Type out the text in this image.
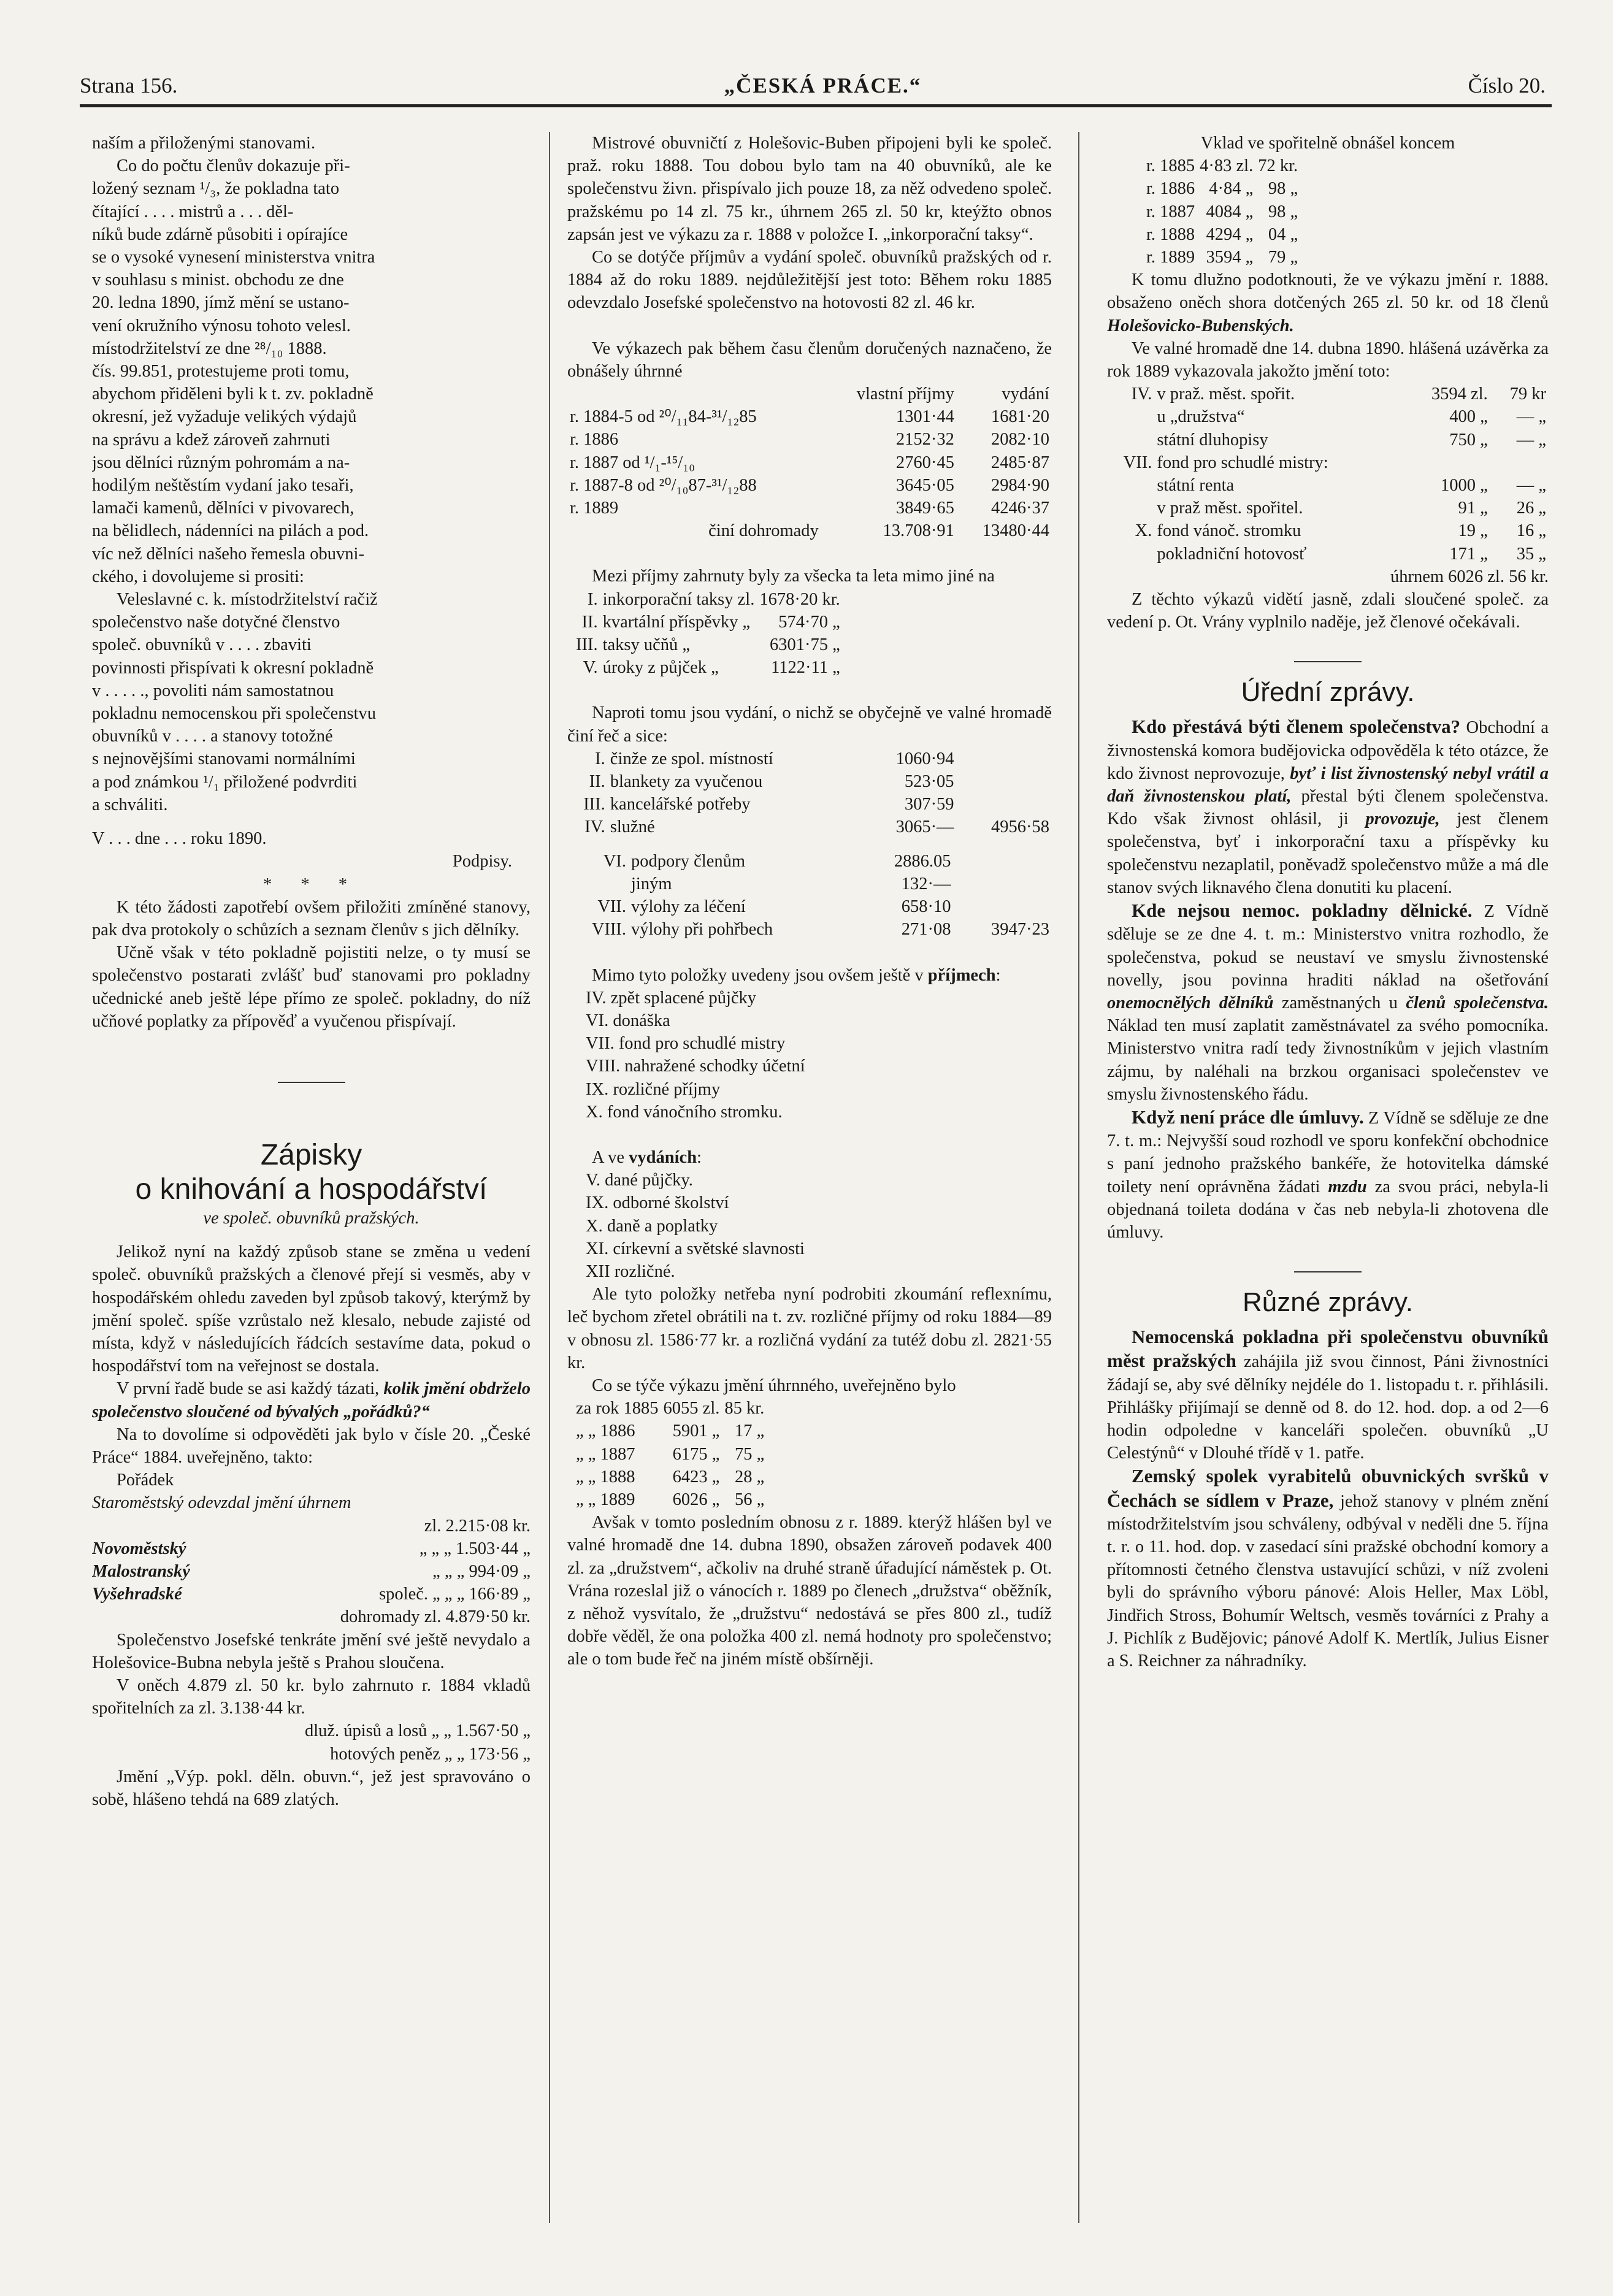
Strana 156.	„ČESKÁ PRÁCE.“	Číslo 20.

naším a přiloženými stanovami.

Co do počtu členův dokazuje při-

ložený seznam ¹/₃, že pokladna tato

čítající . . . . mistrů a . . . děl-

níků bude zdárně působiti i opírajíce

se o vysoké vynesení ministerstva vnitra

v souhlasu s minist. obchodu ze dne

20. ledna 1890, jímž mění se ustano-

vení okružního výnosu tohoto velesl.

místodržitelství ze dne ²⁸/₁₀ 1888.

čís. 99.851, protestujeme proti tomu,

abychom přiděleni byli k t. zv. pokladně

okresní, jež vyžaduje velikých výdajů

na správu a kdež zároveň zahrnuti

jsou dělníci různým pohromám a na-

hodilým neštěstím vydaní jako tesaři,

lamači kamenů, dělníci v pivovarech,

na bělidlech, nádenníci na pilách a pod.

víc než dělníci našeho řemesla obuvni-

ckého, i dovolujeme si prositi:

Veleslavné c. k. místodržitelství račiž

společenstvo naše dotyčné členstvo

společ. obuvníků v . . . . zbaviti

povinnosti přispívati k okresní pokladně

v . . . . ., povoliti nám samostatnou

pokladnu nemocenskou při společenstvu

obuvníků v . . . . a stanovy totožné

s nejnovějšími stanovami normálními

a pod známkou ¹/₁ přiložené podvrditi

a schváliti.

V . . . dne . . . roku 1890.

Podpisy.

* * *

K této žádosti zapotřebí ovšem přiložiti zmíněné stanovy, pak dva protokoly o schůzích a seznam členův s jich dělníky.

Učně však v této pokladně pojistiti nelze, o ty musí se společenstvo postarati zvlášť buď stanovami pro pokladny učednické aneb ještě lépe přímo ze společ. pokladny, do níž učňové poplatky za přípověď a vyučenou přispívají.

Zápisky
o knihování a hospodářství

ve společ. obuvníků pražských.

Jelikož nyní na každý způsob stane se změna u vedení společ. obuvníků pražských a členové přejí si vesměs, aby v hospodářském ohledu zaveden byl způsob takový, kterýmž by jmění společ. spíše vzrůstalo než klesalo, nebude zajisté od místa, když v následujících řádcích sestavíme data, pokud o hospodářství tom na veřejnost se dostala.

V první řadě bude se asi každý tázati, kolik jmění obdrželo společenstvo sloučené od bývalých „pořádků?“

Na to dovolíme si odpověděti jak bylo v čísle 20. „České Práce“ 1884. uveřejněno, takto:

Pořádek

Staroměstský odevzdal jmění úhrnem

zl. 2.215·08 kr.

Novoměstský	„ „ „ 1.503·44 „
Malostranský	„ „ „ 994·09 „
Vyšehradské	společ. „ „ „ 166·89 „

dohromady zl. 4.879·50 kr.

Společenstvo Josefské tenkráte jmění své ještě nevydalo a Holešovice-Bubna nebyla ještě s Prahou sloučena.

V oněch 4.879 zl. 50 kr. bylo zahrnuto r. 1884 vkladů spořitelních za zl. 3.138·44 kr.

dluž. úpisů a losů „ „ 1.567·50 „

hotových peněz „ „ 173·56 „

Jmění „Výp. pokl. děln. obuvn.“, jež jest spravováno o sobě, hlášeno tehdá na 689 zlatých.

Mistrové obuvničtí z Holešovic-Buben připojeni byli ke společ. praž. roku 1888. Tou dobou bylo tam na 40 obuvníků, ale ke společenstvu živn. přispívalo jich pouze 18, za něž odvedeno společ. pražskému po 14 zl. 75 kr., úhrnem 265 zl. 50 kr, kteýžto obnos zapsán jest ve výkazu za r. 1888 v položce I. „inkorporační taksy“.

Co se dotýče příjmův a vydání společ. obuvníků pražských od r. 1884 až do roku 1889. nejdůležitější jest toto: Během roku 1885 odevzdalo Josefské společenstvo na hotovosti 82 zl. 46 kr.

Ve výkazech pak během času členům doručených naznačeno, že obnášely úhrnné

	vlastní příjmy	vydání
r. 1884-5 od ²⁰/₁₁84-³¹/₁₂85	1301·44	1681·20
r. 1886	2152·32	2082·10
r. 1887 od ¹/₁-¹⁵/₁₀	2760·45	2485·87
r. 1887-8 od ²⁰/₁₀87-³¹/₁₂88	3645·05	2984·90
r. 1889	3849·65	4246·37
činí dohromady	13.708·91	13480·44

Mezi příjmy zahrnuty byly za všecka ta leta mimo jiné na

I.	inkorporační taksy zl.	1678·20 kr.
II.	kvartální příspěvky „	574·70 „
III.	taksy učňů „	6301·75 „
V.	úroky z půjček „	1122·11 „

Naproti tomu jsou vydání, o nichž se obyčejně ve valné hromadě činí řeč a sice:

I.	činže ze spol. místností	1060·94	
II.	blankety za vyučenou	523·05	
III.	kancelářské potřeby	307·59	
IV.	služné	3065·—	4956·58
VI.	podpory členům	2886.05	
	jiným	132·—	
VII.	výlohy za léčení	658·10	
VIII.	výlohy při pohřbech	271·08	3947·23

Mimo tyto položky uvedeny jsou ovšem ještě v příjmech:

IV. zpět splacené půjčky

VI. donáška

VII. fond pro schudlé mistry

VIII. nahražené schodky účetní

IX. rozličné příjmy

X. fond vánočního stromku.

A ve vydáních:

V. dané půjčky.

IX. odborné školství

X. daně a poplatky

XI. církevní a světské slavnosti

XII rozličné.

Ale tyto položky netřeba nyní podrobiti zkoumání reflexnímu, leč bychom zřetel obrátili na t. zv. rozličné příjmy od roku 1884—89 v obnosu zl. 1586·77 kr. a rozličná vydání za tutéž dobu zl. 2821·55 kr.

Co se týče výkazu jmění úhrnného, uveřejněno bylo

za rok 1885	6055 zl.	85 kr.
„ „ 1886	5901 „	17 „
„ „ 1887	6175 „	75 „
„ „ 1888	6423 „	28 „
„ „ 1889	6026 „	56 „

Avšak v tomto posledním obnosu z r. 1889. kterýž hlášen byl ve valné hromadě dne 14. dubna 1890, obsažen zároveň podavek 400 zl. za „družstvem“, ačkoliv na druhé straně úřadující náměstek p. Ot. Vrána rozeslal již o vánocích r. 1889 po členech „družstva“ oběžník, z něhož vysvítalo, že „družstvu“ nedostává se přes 800 zl., tudíž dobře věděl, že ona položka 400 zl. nemá hodnoty pro společenstvo; ale o tom bude řeč na jiném místě obšírněji.

Vklad ve spořitelně obnášel koncem

r. 1885	4·83 zl.	72 kr.
r. 1886	4·84 „	98 „
r. 1887	4084 „	98 „
r. 1888	4294 „	04 „
r. 1889	3594 „	79 „

K tomu dlužno podotknouti, že ve výkazu jmění r. 1888. obsaženo oněch shora dotčených 265 zl. 50 kr. od 18 členů Holešovicko-Bubenských.

Ve valné hromadě dne 14. dubna 1890. hlášená uzávěrka za rok 1889 vykazovala jakožto jmění toto:

IV.	v praž. měst. spořit.	3594 zl.	79 kr
	u „družstva“	400 „	— „
	státní dluhopisy	750 „	— „
VII.	fond pro schudlé mistry:		
	státní renta	1000 „	— „
	v praž měst. spořitel.	91 „	26 „
X.	fond vánoč. stromku	19 „	16 „
	pokladniční hotovosť	171 „	35 „

úhrnem 6026 zl. 56 kr.

Z těchto výkazů vidětí jasně, zdali sloučené společ. za vedení p. Ot. Vrány vyplnilo naděje, jež členové očekávali.

Úřední zprávy.

Kdo přestává býti členem společenstva? Obchodní a živnostenská komora budějovicka odpověděla k této otázce, že kdo živnost neprovozuje, byť i list živnostenský nebyl vrátil a daň živnostenskou platí, přestal býti členem společenstva. Kdo však živnost ohlásil, ji provozuje, jest členem společenstva, byť i inkorporační taxu a příspěvky ku společenstvu nezaplatil, poněvadž společenstvo může a má dle stanov svých liknavého člena donutiti ku placení.

Kde nejsou nemoc. pokladny dělnické. Z Vídně sděluje se ze dne 4. t. m.: Ministerstvo vnitra rozhodlo, že společenstva, pokud se neustaví ve smyslu živnostenské novelly, jsou povinna hraditi náklad na ošetřování onemocnělých dělníků zaměstnaných u členů společenstva. Náklad ten musí zaplatit zaměstnávatel za svého pomocníka. Ministerstvo vnitra radí tedy živnostníkům v jejich vlastním zájmu, by naléhali na brzkou organisaci společenstev ve smyslu živnostenského řádu.

Když není práce dle úmluvy. Z Vídně se sděluje ze dne 7. t. m.: Nejvyšší soud rozhodl ve sporu konfekční obchodnice s paní jednoho pražského bankéře, že hotovitelka dámské toilety není oprávněna žádati mzdu za svou práci, nebyla-li objednaná toileta dodána v čas neb nebyla-li zhotovena dle úmluvy.

Různé zprávy.

Nemocenská pokladna při společenstvu obuvníků měst pražských zahájila již svou činnost, Páni živnostníci žádají se, aby své dělníky nejdéle do 1. listopadu t. r. přihlásili. Přihlášky přijímají se denně od 8. do 12. hod. dop. a od 2—6 hodin odpoledne v kanceláři společen. obuvníků „U Celestýnů“ v Dlouhé třídě v 1. patře.

Zemský spolek vyrabitelů obuvnických svršků v Čechách se sídlem v Praze, jehož stanovy v plném znění místodržitelstvím jsou schváleny, odbýval v neděli dne 5. října t. r. o 11. hod. dop. v zasedací síni pražské obchodní komory a přítomnosti četného členstva ustavující schůzi, v níž zvoleni byli do správního výboru pánové: Alois Heller, Max Löbl, Jindřich Stross, Bohumír Weltsch, vesměs továrníci z Prahy a J. Pichlík z Budějovic; pánové Adolf K. Mertlík, Julius Eisner a S. Reichner za náhradníky.
